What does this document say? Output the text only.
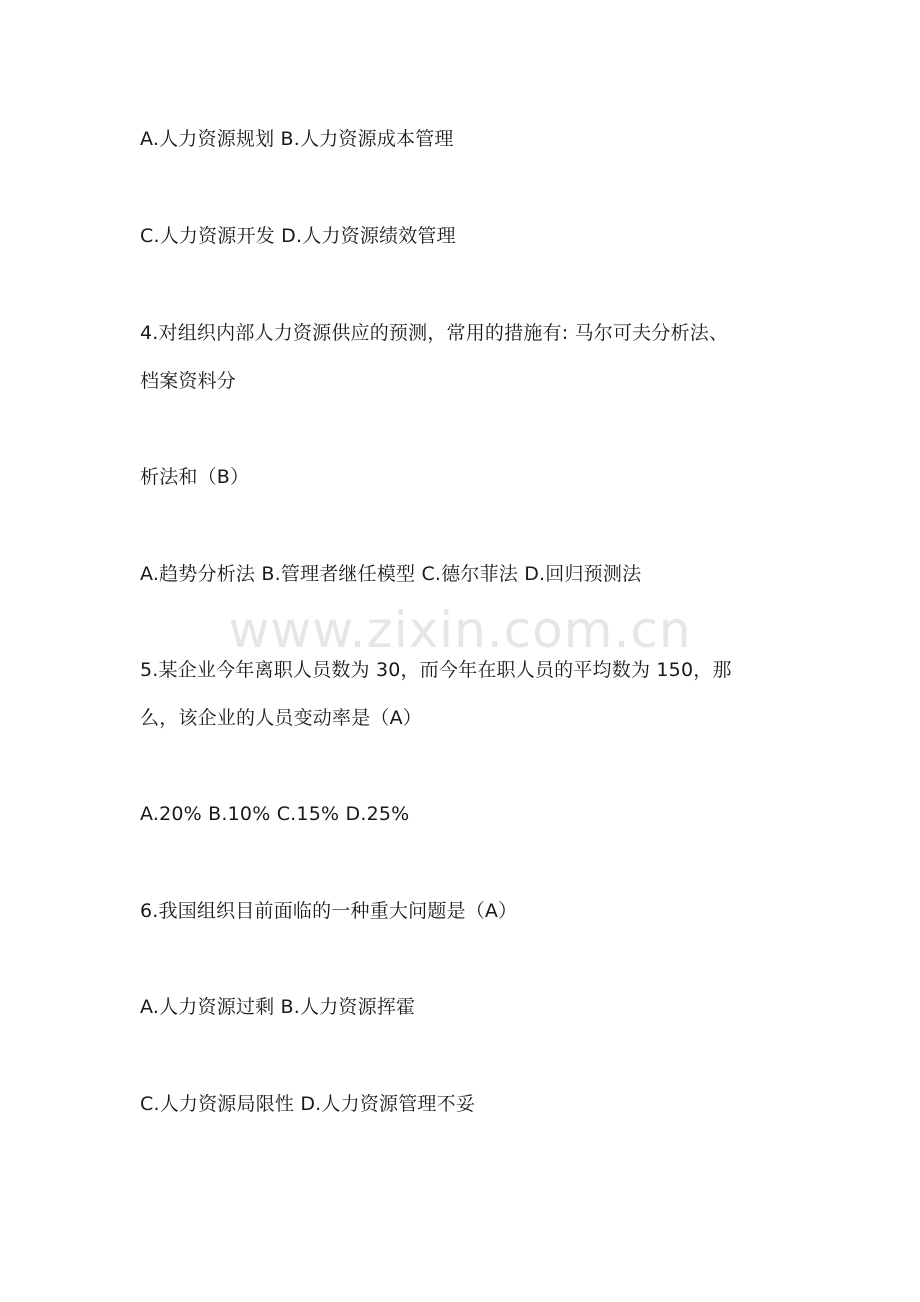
A.人力资源规划 B.人力资源成本管理
C.人力资源开发 D.人力资源绩效管理
4.对组织内部人力资源供应的预测，常用的措施有: 马尔可夫分析法、
档案资料分
析法和（B）
A.趋势分析法 B.管理者继任模型 C.德尔菲法 D.回归预测法
5.某企业今年离职人员数为 30，而今年在职人员的平均数为 150，那
么，该企业的人员变动率是（A）
A.20% B.10% C.15% D.25%
6.我国组织目前面临的一种重大问题是（A）
A.人力资源过剩 B.人力资源挥霍
C.人力资源局限性 D.人力资源管理不妥
www.zixin.com.cn
